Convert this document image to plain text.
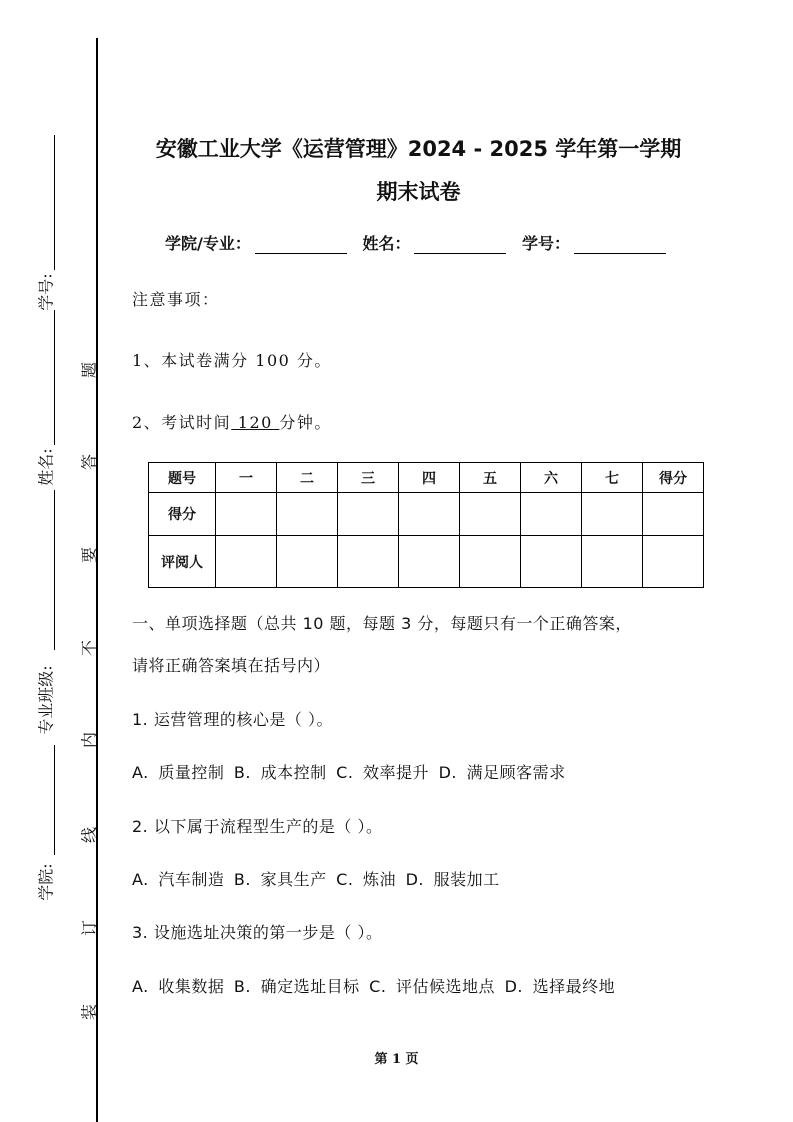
学号:
姓名:
专业班级:
学院:
题
答
要
不
内
线
订
装
安徽工业大学《运营管理》2024 - 2025 学年第一学期
期末试卷
学院/专业：	姓名：	学号：
注意事项：
1、本试卷满分 100 分。
2、考试时间 120 分钟。
题号	一	二	三	四	五	六	七	得分
得分								
评阅人								
一、单项选择题（总共 10 题，每题 3 分，每题只有一个正确答案，
请将正确答案填在括号内）
1. 运营管理的核心是（ ）。
A. 质量控制 B. 成本控制 C. 效率提升 D. 满足顾客需求
2. 以下属于流程型生产的是（ ）。
A. 汽车制造 B. 家具生产 C. 炼油 D. 服装加工
3. 设施选址决策的第一步是（ ）。
A. 收集数据 B. 确定选址目标 C. 评估候选地点 D. 选择最终地
第 1 页
